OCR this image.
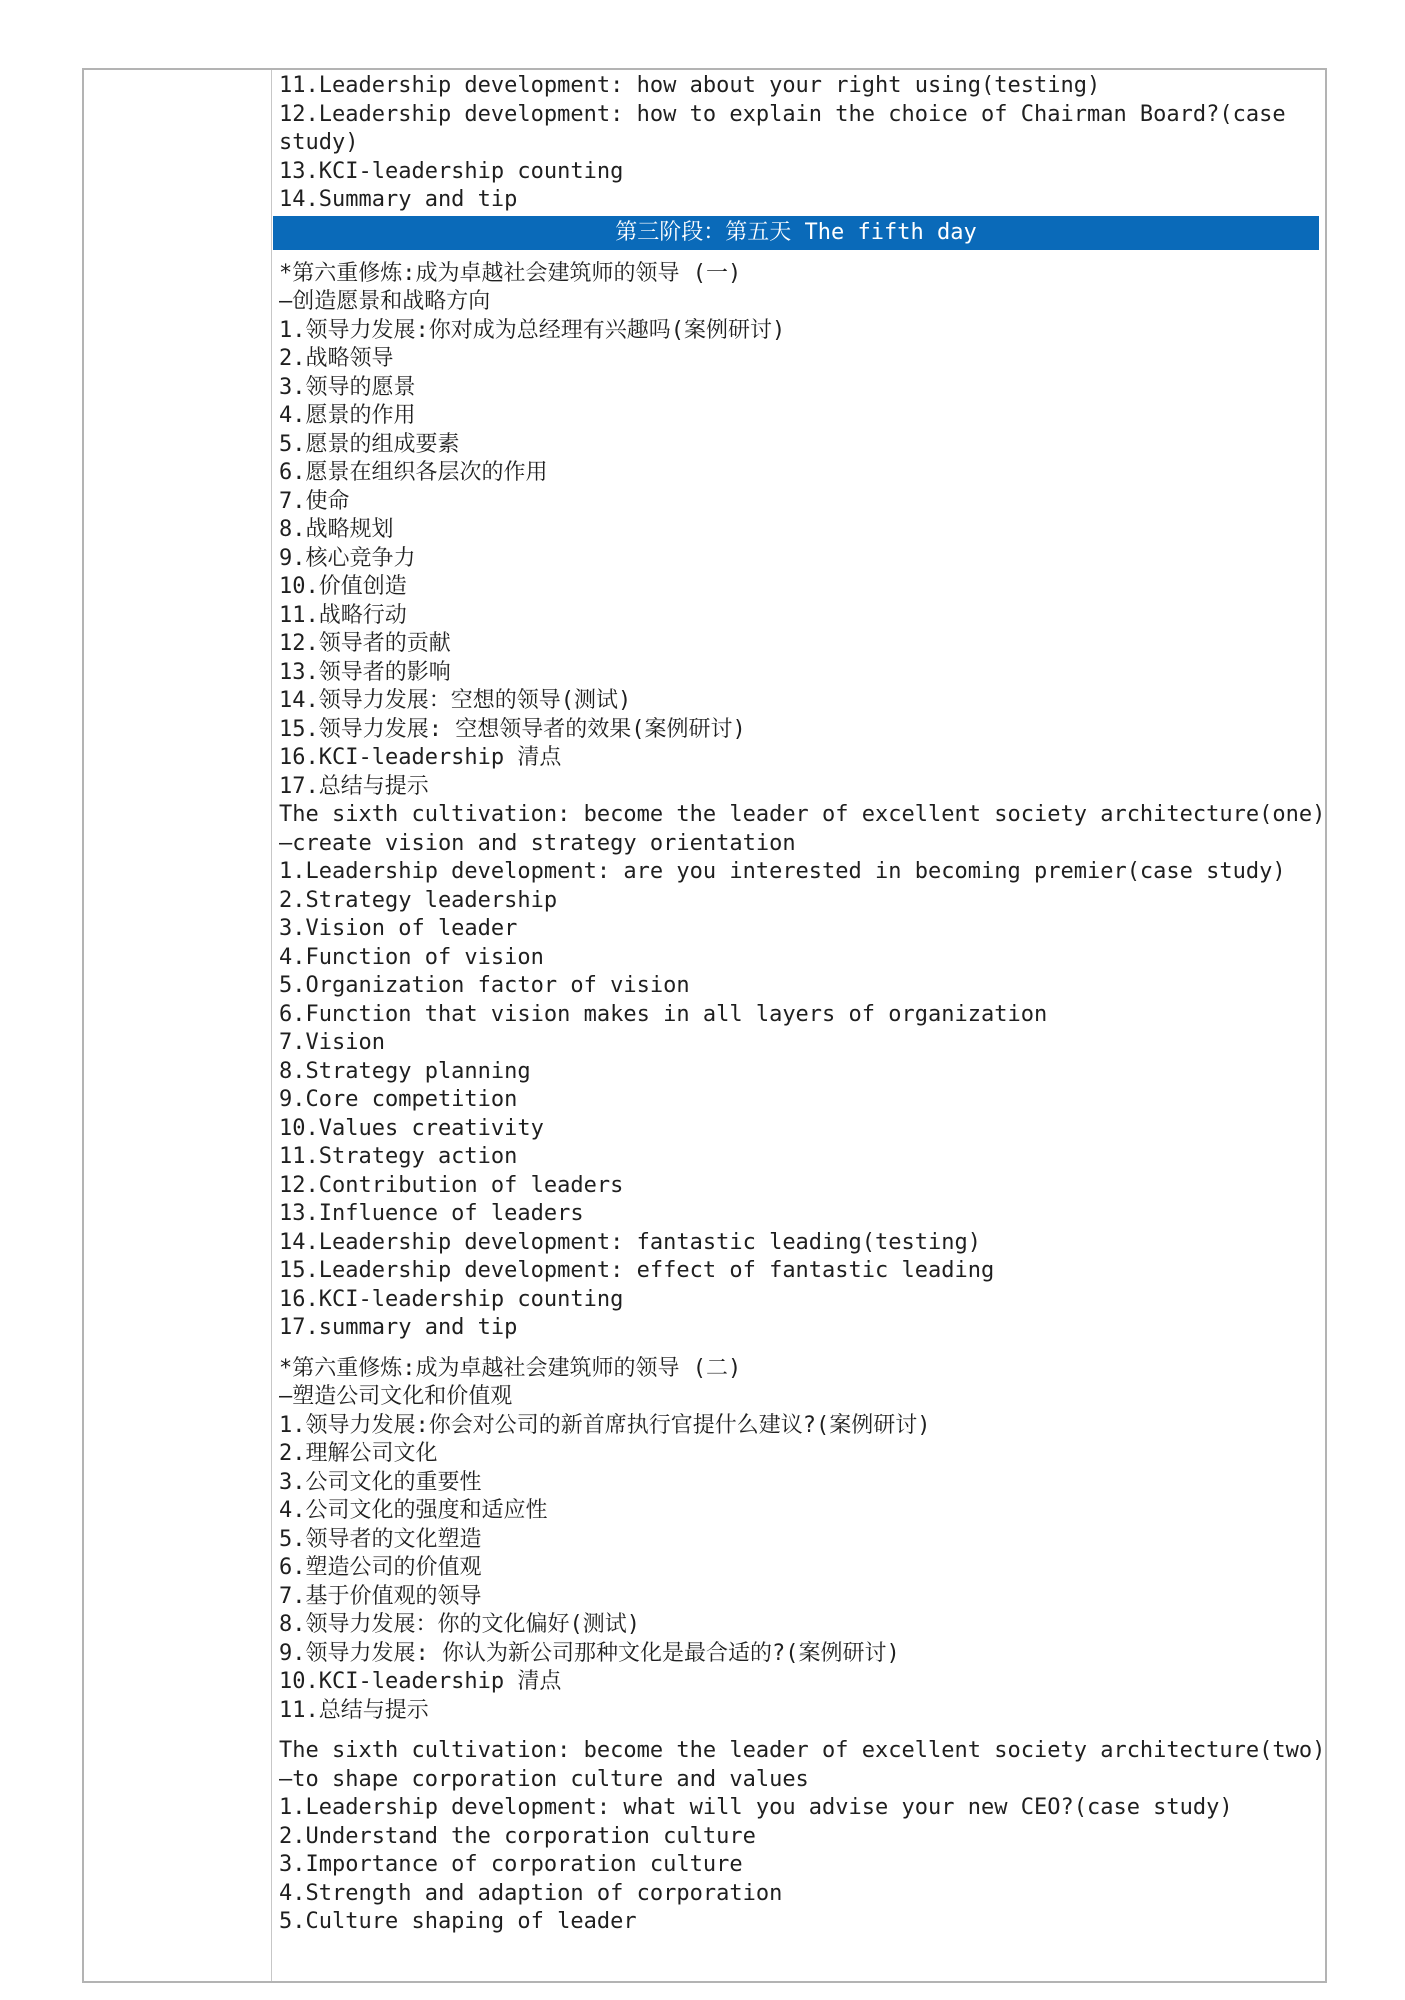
11.Leadership development: how about your right using(testing)
12.Leadership development: how to explain the choice of Chairman Board?(case
study)
13.KCI-leadership counting
14.Summary and tip
第三阶段：第五天 The fifth day
*第六重修炼:成为卓越社会建筑师的领导 (一)
—创造愿景和战略方向
1.领导力发展:你对成为总经理有兴趣吗(案例研讨)
2.战略领导
3.领导的愿景
4.愿景的作用
5.愿景的组成要素
6.愿景在组织各层次的作用
7.使命
8.战略规划
9.核心竞争力
10.价值创造
11.战略行动
12.领导者的贡献
13.领导者的影响
14.领导力发展：空想的领导(测试)
15.领导力发展: 空想领导者的效果(案例研讨)
16.KCI-leadership 清点
17.总结与提示
The sixth cultivation: become the leader of excellent society architecture(one)
—create vision and strategy orientation
1.Leadership development: are you interested in becoming premier(case study)
2.Strategy leadership
3.Vision of leader
4.Function of vision
5.Organization factor of vision
6.Function that vision makes in all layers of organization
7.Vision
8.Strategy planning
9.Core competition
10.Values creativity
11.Strategy action
12.Contribution of leaders
13.Influence of leaders
14.Leadership development: fantastic leading(testing)
15.Leadership development: effect of fantastic leading
16.KCI-leadership counting
17.summary and tip
*第六重修炼:成为卓越社会建筑师的领导 (二)
—塑造公司文化和价值观
1.领导力发展:你会对公司的新首席执行官提什么建议?(案例研讨)
2.理解公司文化
3.公司文化的重要性
4.公司文化的强度和适应性
5.领导者的文化塑造
6.塑造公司的价值观
7.基于价值观的领导
8.领导力发展：你的文化偏好(测试)
9.领导力发展: 你认为新公司那种文化是最合适的?(案例研讨)
10.KCI-leadership 清点
11.总结与提示
The sixth cultivation: become the leader of excellent society architecture(two)
—to shape corporation culture and values
1.Leadership development: what will you advise your new CEO?(case study)
2.Understand the corporation culture
3.Importance of corporation culture
4.Strength and adaption of corporation
5.Culture shaping of leader
